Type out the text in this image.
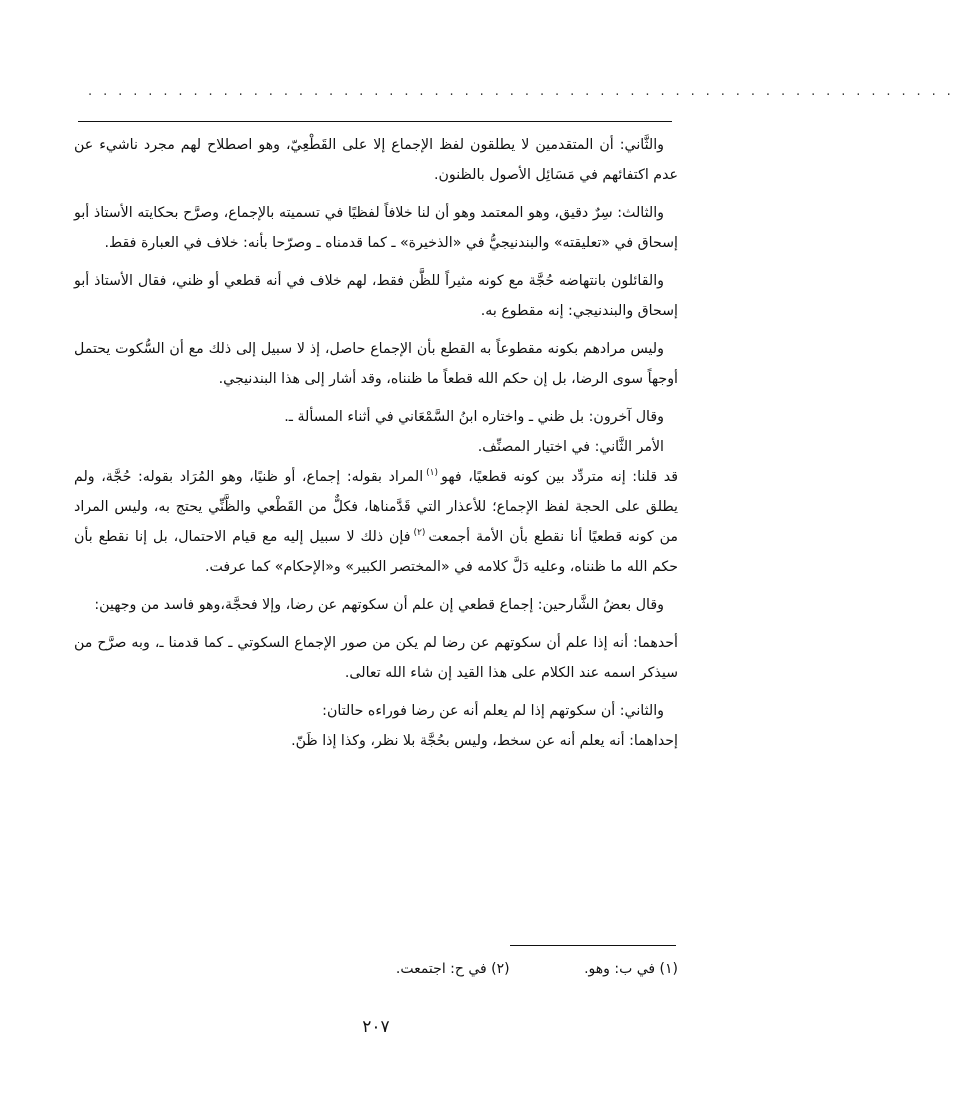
. . . . . . . . . . . . . . . . . . . . . . . . . . . . . . . . . . . . . . . . . . . . . . . . . . . . . . . . . .

والثَّاني: أن المتقدمين لا يطلقون لفظ الإجماع إلا على القَطْعِيّ، وهو اصطلاح لهم مجرد ناشيء عن عدم اكتفائهم في مَسَائِل الأصول بالظنون.

والثالث: سِرٌ دقيق، وهو المعتمد وهو أن لنا خلافاً لفظيًا في تسميته بالإجماع، وصرَّح بحكايته الأستاذ أبو إسحاق في «تعليقته» والبندنيجيُّ في «الذخيرة» ـ كما قدمناه ـ وصرّحا بأنه: خلاف في العبارة فقط.

والقائلون بانتهاضه حُجَّة مع كونه مثيراً للظَّن فقط، لهم خلاف في أنه قطعي أو ظني، فقال الأستاذ أبو إسحاق والبندنيجي: إنه مقطوع به.

وليس مرادهم بكونه مقطوعاً به القطع بأن الإجماع حاصل، إذ لا سبيل إلى ذلك مع أن السُّكوت يحتمل أوجهاً سوى الرضا، بل إن حكم الله قطعاً ما ظنناه، وقد أشار إلى هذا البندنيجي.

وقال آخرون: بل ظني ـ واختاره ابنُ السَّمْعَاني في أثناء المسألة ـ.

الأمر الثَّاني: في اختيار المصنِّف.

قد قلنا: إنه متردِّد بين كونه قطعيًا، فهو$^{(١)}$المراد بقوله: إجماع، أو ظنيًا، وهو المُرَاد بقوله: حُجَّة، ولم يطلق على الحجة لفظ الإجماع؛ للأعذار التي قَدَّمناها، فكلٌّ من القَطْعي والظَّنِّي يحتج به، وليس المراد من كونه قطعيًا أنا نقطع بأن الأمة أجمعت$^{(٢)}$فإن ذلك لا سبيل إليه مع قيام الاحتمال، بل إنا نقطع بأن حكم الله ما ظنناه، وعليه دَلَّ كلامه في «المختصر الكبير» و«الإحكام» كما عرفت.

وقال بعضُ الشَّارحين: إجماع قطعي إن علم أن سكوتهم عن رضا، وإلا فحجَّة،وهو فاسد من وجهين:

أحدهما: أنه إذا علم أن سكوتهم عن رضا لم يكن من صور الإجماع السكوتي ـ كما قدمنا ـ، وبه صرَّح من سيذكر اسمه عند الكلام على هذا القيد إن شاء الله تعالى.

والثاني: أن سكوتهم إذا لم يعلم أنه عن رضا فوراءه حالتان:

إحداهما: أنه يعلم أنه عن سخط، وليس بحُجَّة بلا نظر، وكذا إذا ظَنّ.

(١) في ب: وهو. (٢) في ح: اجتمعت.
٢٠٧
